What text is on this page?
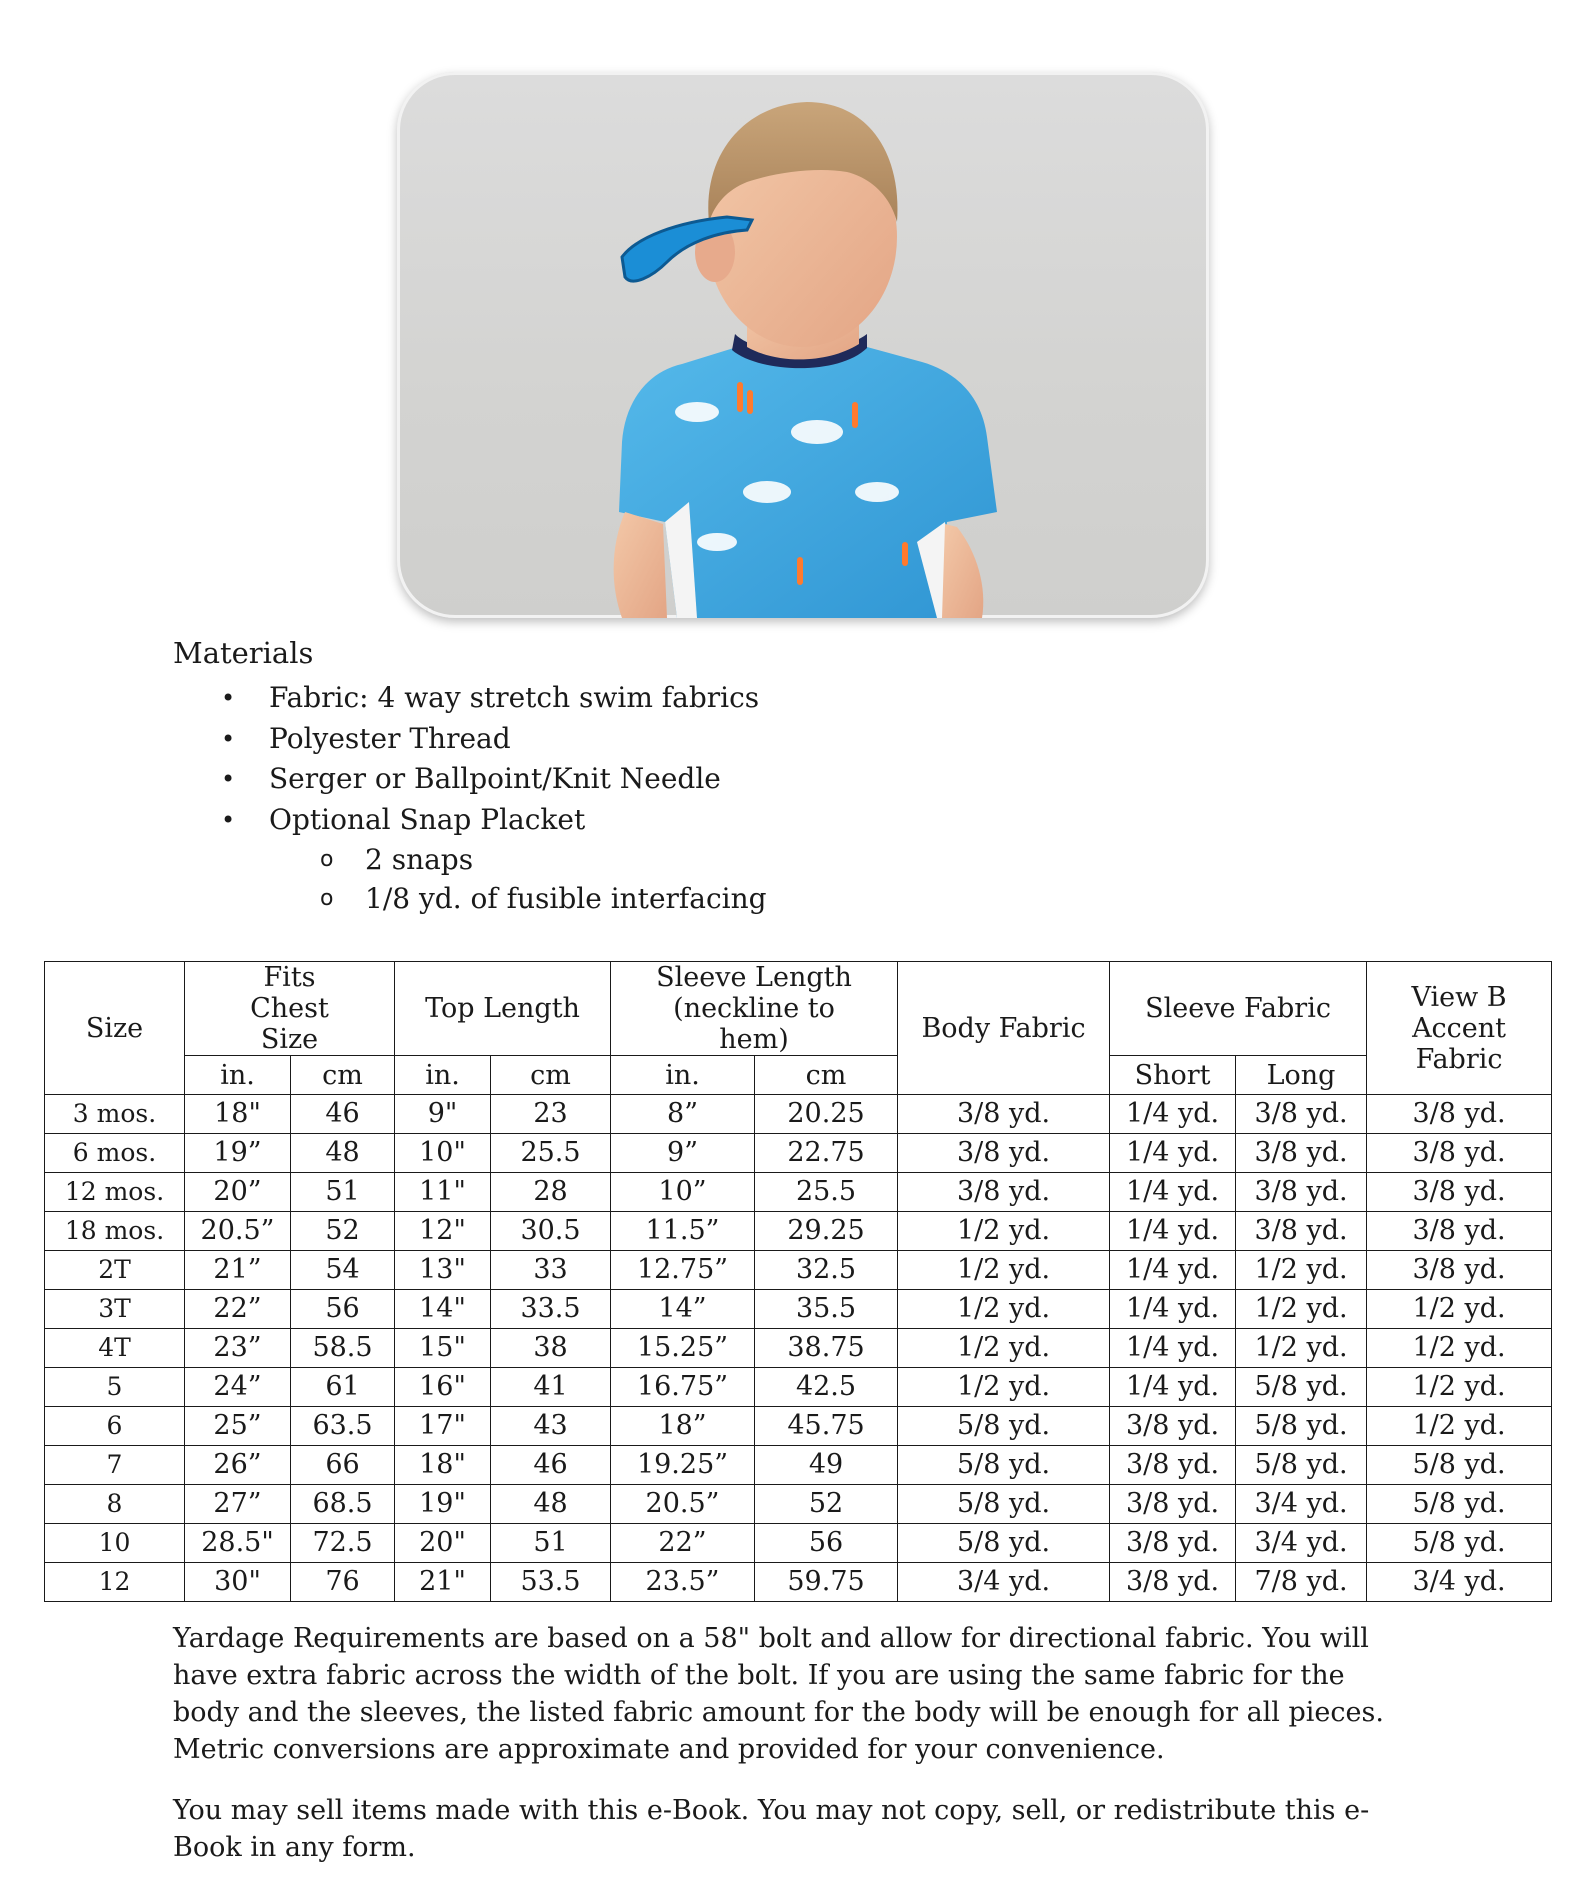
Materials
• Fabric: 4 way stretch swim fabrics
• Polyester Thread
• Serger or Ballpoint/Knit Needle
• Optional Snap Placket
o 2 snaps
o 1/8 yd. of fusible interfacing
Size	Fits Chest Size		Top Length		Sleeve Length (neckline to hem)		Body Fabric	Sleeve Fabric		View B Accent Fabric
	in.	cm	in.	cm	in.	cm		Short	Long	
3 mos.	18"	46	9"	23	8”	20.25	3/8 yd.	1/4 yd.	3/8 yd.	3/8 yd.
6 mos.	19”	48	10"	25.5	9”	22.75	3/8 yd.	1/4 yd.	3/8 yd.	3/8 yd.
12 mos.	20”	51	11"	28	10”	25.5	3/8 yd.	1/4 yd.	3/8 yd.	3/8 yd.
18 mos.	20.5”	52	12"	30.5	11.5”	29.25	1/2 yd.	1/4 yd.	3/8 yd.	3/8 yd.
2T	21”	54	13"	33	12.75”	32.5	1/2 yd.	1/4 yd.	1/2 yd.	3/8 yd.
3T	22”	56	14"	33.5	14”	35.5	1/2 yd.	1/4 yd.	1/2 yd.	1/2 yd.
4T	23”	58.5	15"	38	15.25”	38.75	1/2 yd.	1/4 yd.	1/2 yd.	1/2 yd.
5	24”	61	16"	41	16.75”	42.5	1/2 yd.	1/4 yd.	5/8 yd.	1/2 yd.
6	25”	63.5	17"	43	18”	45.75	5/8 yd.	3/8 yd.	5/8 yd.	1/2 yd.
7	26”	66	18"	46	19.25”	49	5/8 yd.	3/8 yd.	5/8 yd.	5/8 yd.
8	27”	68.5	19"	48	20.5”	52	5/8 yd.	3/8 yd.	3/4 yd.	5/8 yd.
10	28.5"	72.5	20"	51	22”	56	5/8 yd.	3/8 yd.	3/4 yd.	5/8 yd.
12	30"	76	21"	53.5	23.5”	59.75	3/4 yd.	3/8 yd.	7/8 yd.	3/4 yd.

Yardage Requirements are based on a 58" bolt and allow for directional fabric. You will have extra fabric across the width of the bolt. If you are using the same fabric for the body and the sleeves, the listed fabric amount for the body will be enough for all pieces. Metric conversions are approximate and provided for your convenience.

You may sell items made with this e-Book. You may not copy, sell, or redistribute this e-Book in any form.
